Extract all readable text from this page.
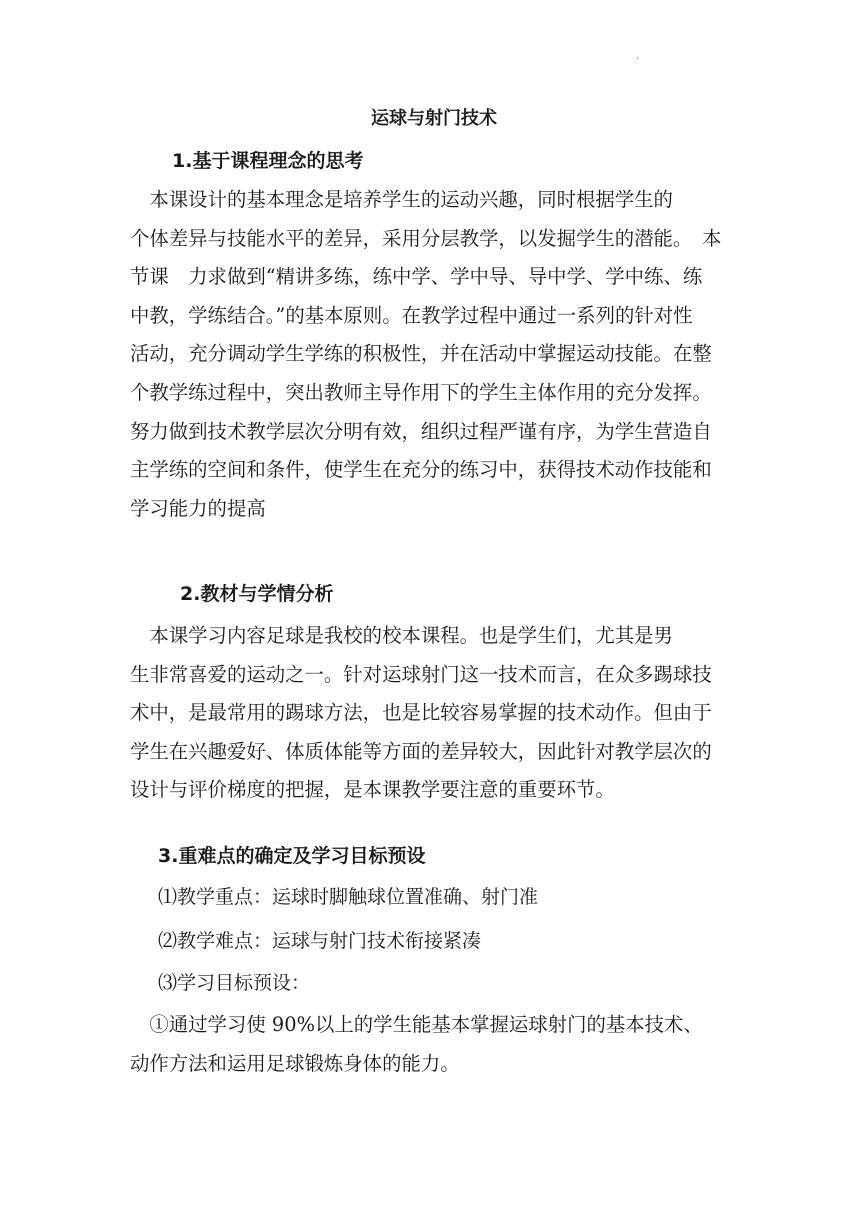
·
运球与射门技术
1.基于课程理念的思考
　本课设计的基本理念是培养学生的运动兴趣，同时根据学生的
个体差异与技能水平的差异，采用分层教学，以发掘学生的潜能。　本
节课　力求做到“精讲多练，练中学、学中导、导中学、学中练、练
中教，学练结合。”的基本原则。在教学过程中通过一系列的针对性
活动，充分调动学生学练的积极性，并在活动中掌握运动技能。在整
个教学练过程中，突出教师主导作用下的学生主体作用的充分发挥。
努力做到技术教学层次分明有效，组织过程严谨有序，为学生营造自
主学练的空间和条件，使学生在充分的练习中，获得技术动作技能和
学习能力的提高
2.教材与学情分析
　本课学习内容足球是我校的校本课程。也是学生们，尤其是男
生非常喜爱的运动之一。针对运球射门这一技术而言，在众多踢球技
术中，是最常用的踢球方法，也是比较容易掌握的技术动作。但由于
学生在兴趣爱好、体质体能等方面的差异较大，因此针对教学层次的
设计与评价梯度的把握，是本课教学要注意的重要环节。
3.重难点的确定及学习目标预设
⑴教学重点：运球时脚触球位置准确、射门准
⑵教学难点：运球与射门技术衔接紧凑
⑶学习目标预设：
　①通过学习使 90%以上的学生能基本掌握运球射门的基本技术、
动作方法和运用足球锻炼身体的能力。
